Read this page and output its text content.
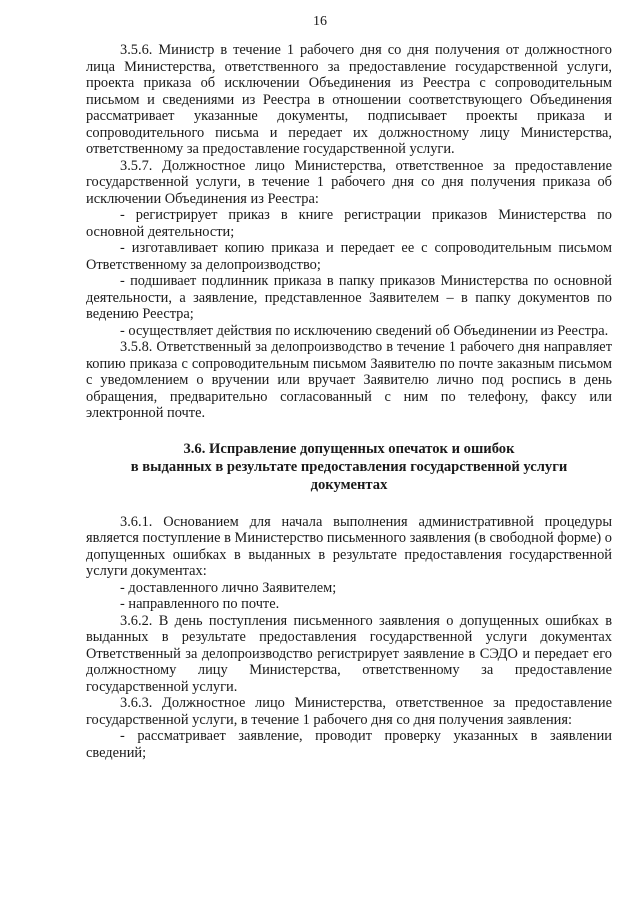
16

3.5.6. Министр в течение 1 рабочего дня со дня получения от должностного лица Министерства, ответственного за предоставление государственной услуги, проекта приказа об исключении Объединения из Реестра с сопроводительным письмом и сведениями из Реестра в отношении соответствующего Объединения рассматривает указанные документы, подписывает проекты приказа и сопроводительного письма и передает их должностному лицу Министерства, ответственному за предоставление государственной услуги.

3.5.7. Должностное лицо Министерства, ответственное за предоставление государственной услуги, в течение 1 рабочего дня со дня получения приказа об исключении Объединения из Реестра:

- регистрирует приказ в книге регистрации приказов Министерства по основной деятельности;

- изготавливает копию приказа и передает ее с сопроводительным письмом Ответственному за делопроизводство;

- подшивает подлинник приказа в папку приказов Министерства по основной деятельности, а заявление, представленное Заявителем – в папку документов по ведению Реестра;

- осуществляет действия по исключению сведений об Объединении из Реестра.

3.5.8. Ответственный за делопроизводство в течение 1 рабочего дня направляет копию приказа с сопроводительным письмом Заявителю по почте заказным письмом с уведомлением о вручении или вручает Заявителю лично под роспись в день обращения, предварительно согласованный с ним по телефону, факсу или электронной почте.

3.6. Исправление допущенных опечаток и ошибок
в выданных в результате предоставления государственной услуги
документах

3.6.1. Основанием для начала выполнения административной процедуры является поступление в Министерство письменного заявления (в свободной форме) о допущенных ошибках в выданных в результате предоставления государственной услуги документах:

- доставленного лично Заявителем;

- направленного по почте.

3.6.2. В день поступления письменного заявления о допущенных ошибках в выданных в результате предоставления государственной услуги документах Ответственный за делопроизводство регистрирует заявление в СЭДО и передает его должностному лицу Министерства, ответственному за предоставление государственной услуги.

3.6.3. Должностное лицо Министерства, ответственное за предоставление государственной услуги, в течение 1 рабочего дня со дня получения заявления:

- рассматривает заявление, проводит проверку указанных в заявлении сведений;
